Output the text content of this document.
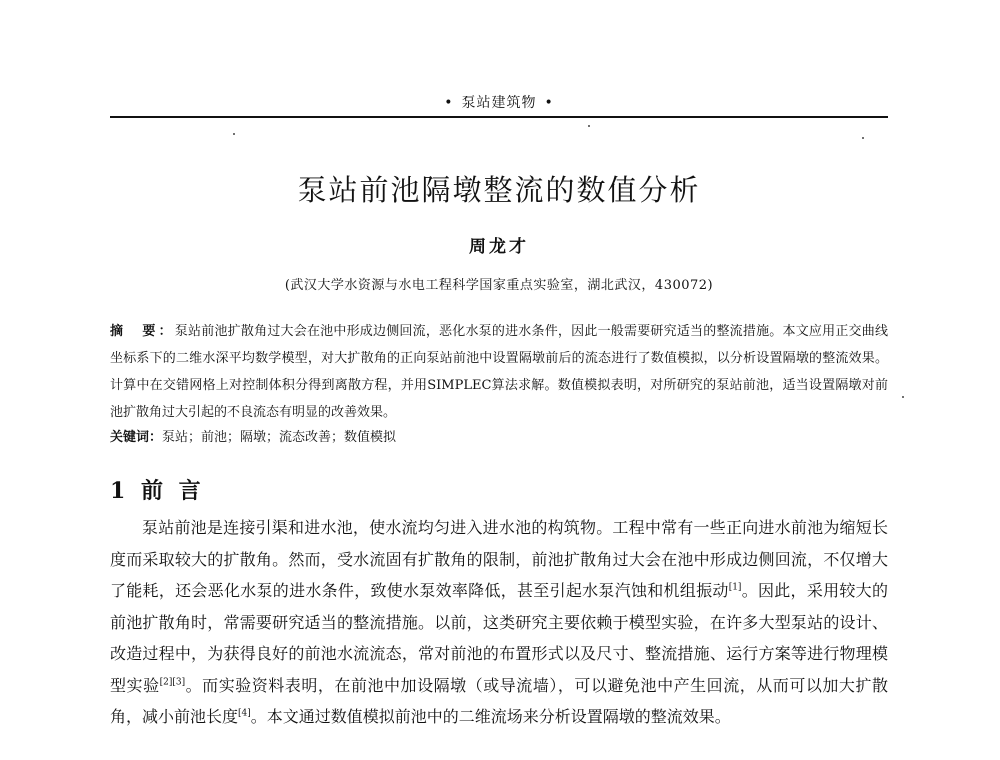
• 泵站建筑物 •
泵站前池隔墩整流的数值分析
周龙才
(武汉大学水资源与水电工程科学国家重点实验室，湖北武汉，430072)
摘　要：泵站前池扩散角过大会在池中形成边侧回流，恶化水泵的进水条件，因此一般需要研究适当的整流措施。本文应用正交曲线坐标系下的二维水深平均数学模型，对大扩散角的正向泵站前池中设置隔墩前后的流态进行了数值模拟，以分析设置隔墩的整流效果。计算中在交错网格上对控制体积分得到离散方程，并用SIMPLEC算法求解。数值模拟表明，对所研究的泵站前池，适当设置隔墩对前池扩散角过大引起的不良流态有明显的改善效果。
关键词：泵站；前池；隔墩；流态改善；数值模拟
1 前 言
泵站前池是连接引渠和进水池，使水流均匀进入进水池的构筑物。工程中常有一些正向进水前池为缩短长度而采取较大的扩散角。然而，受水流固有扩散角的限制，前池扩散角过大会在池中形成边侧回流，不仅增大了能耗，还会恶化水泵的进水条件，致使水泵效率降低，甚至引起水泵汽蚀和机组振动[1]。因此，采用较大的前池扩散角时，常需要研究适当的整流措施。以前，这类研究主要依赖于模型实验，在许多大型泵站的设计、改造过程中，为获得良好的前池水流流态，常对前池的布置形式以及尺寸、整流措施、运行方案等进行物理模型实验[2][3]。而实验资料表明，在前池中加设隔墩（或导流墙），可以避免池中产生回流，从而可以加大扩散角，减小前池长度[4]。本文通过数值模拟前池中的二维流场来分析设置隔墩的整流效果。
